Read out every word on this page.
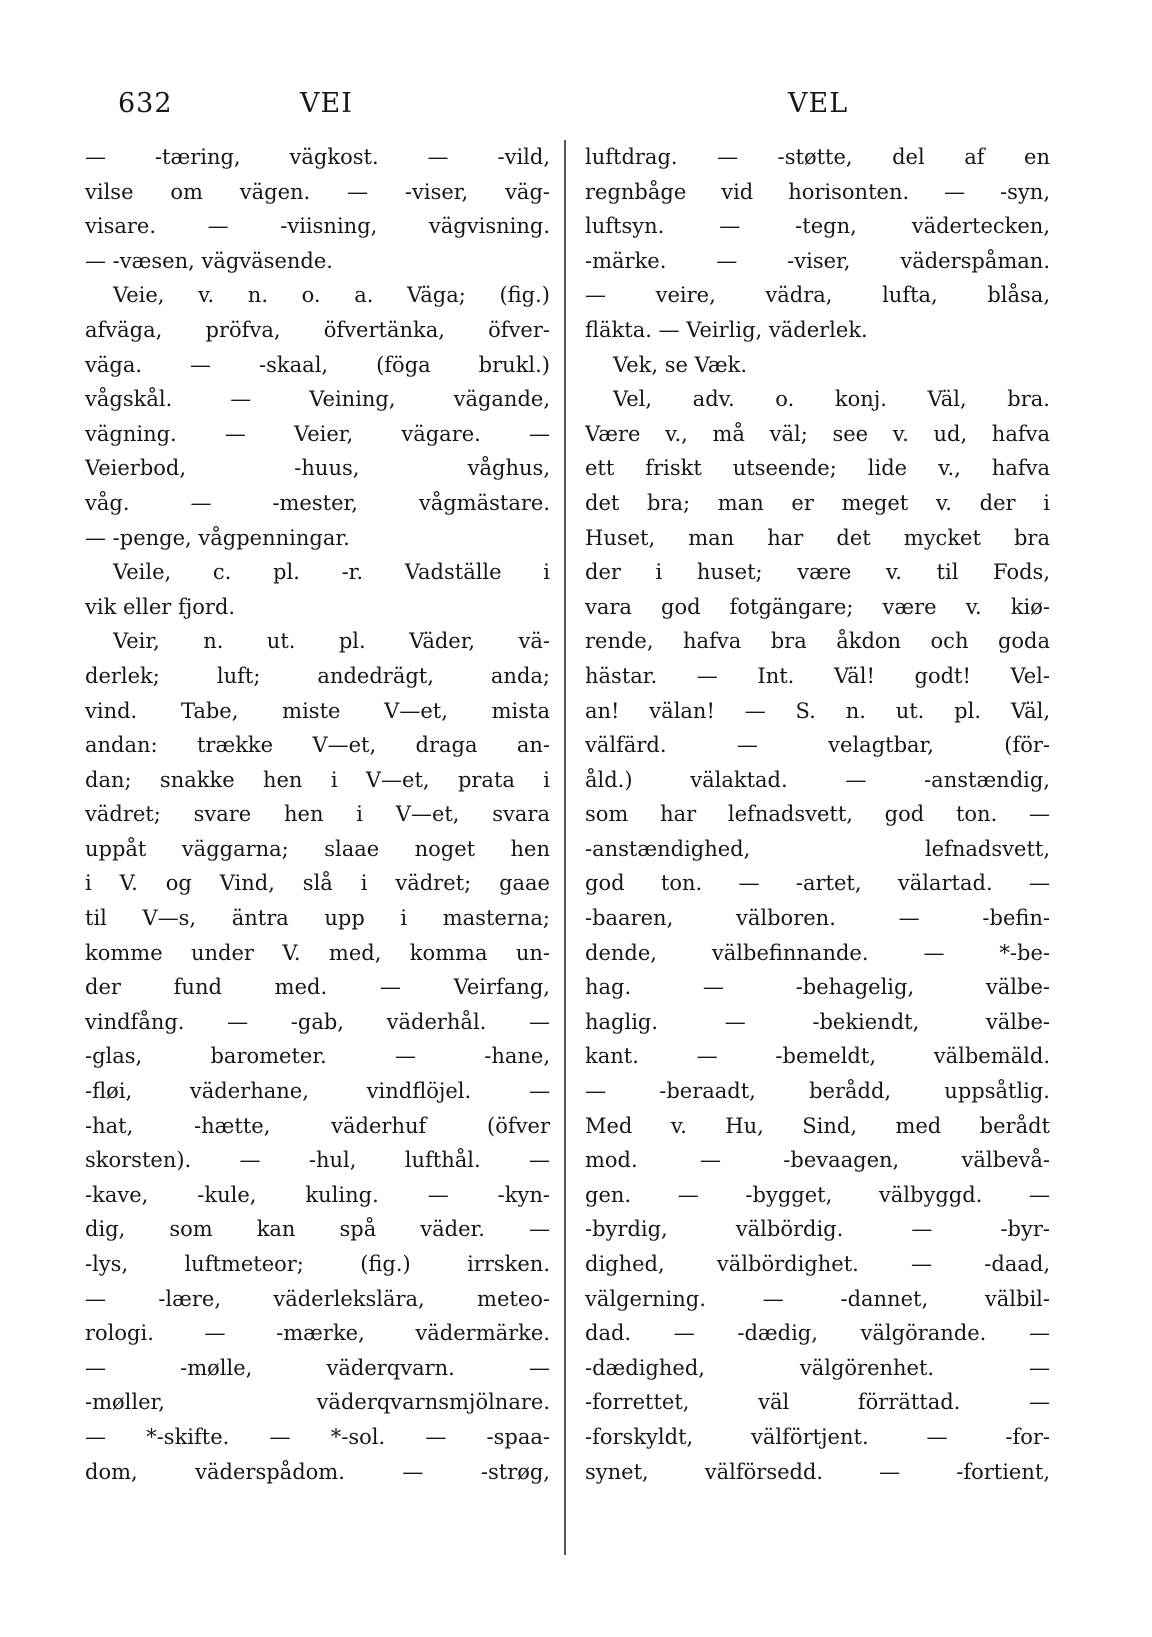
632	VEI	VEL
— -tæring, vägkost. — -vild,
vilse om vägen. — -viser, väg-
visare. — -viisning, vägvisning.
— -væsen, vägväsende.
Veie, v. n. o. a. Väga; (fig.)
afväga, pröfva, öfvertänka, öfver-
väga. — -skaal, (föga brukl.)
vågskål. — Veining, vägande,
vägning. — Veier, vägare. —
Veierbod, -huus, våghus,
våg. — -mester, vågmästare.
— -penge, vågpenningar.
Veile, c. pl. -r. Vadställe i
vik eller fjord.
Veir, n. ut. pl. Väder, vä-
derlek; luft; andedrägt, anda;
vind. Tabe, miste V—et, mista
andan: trække V—et, draga an-
dan; snakke hen i V—et, prata i
vädret; svare hen i V—et, svara
uppåt väggarna; slaae noget hen
i V. og Vind, slå i vädret; gaae
til V—s, äntra upp i masterna;
komme under V. med, komma un-
der fund med. — Veirfang,
vindfång. — -gab, väderhål. —
-glas, barometer. — -hane,
-fløi, väderhane, vindflöjel. —
-hat, -hætte, väderhuf (öfver
skorsten). — -hul, lufthål. —
-kave, -kule, kuling. — -kyn-
dig, som kan spå väder. —
-lys, luftmeteor; (fig.) irrsken.
— -lære, väderlekslära, meteo-
rologi. — -mærke, vädermärke.
— -mølle, väderqvarn. —
-møller, väderqvarnsmjölnare.
— *-skifte. — *-sol. — -spaa-
dom, väderspådom. — -strøg,
luftdrag. — -støtte, del af en
regnbåge vid horisonten. — -syn,
luftsyn. — -tegn, vädertecken,
-märke. — -viser, väderspåman.
— veire, vädra, lufta, blåsa,
fläkta. — Veirlig, väderlek.
Vek, se Væk.
Vel, adv. o. konj. Väl, bra.
Være v., må väl; see v. ud, hafva
ett friskt utseende; lide v., hafva
det bra; man er meget v. der i
Huset, man har det mycket bra
der i huset; være v. til Fods,
vara god fotgängare; være v. kiø-
rende, hafva bra åkdon och goda
hästar. — Int. Väl! godt! Vel-
an! välan! — S. n. ut. pl. Väl,
välfärd. — velagtbar, (för-
åld.) välaktad. — -anstændig,
som har lefnadsvett, god ton. —
-anstændighed, lefnadsvett,
god ton. — -artet, välartad. —
-baaren, välboren. — -befin-
dende, välbefinnande. — *-be-
hag. — -behagelig, välbe-
haglig. — -bekiendt, välbe-
kant. — -bemeldt, välbemäld.
— -beraadt, berådd, uppsåtlig.
Med v. Hu, Sind, med berådt
mod. — -bevaagen, välbevå-
gen. — -bygget, välbyggd. —
-byrdig, välbördig. — -byr-
dighed, välbördighet. — -daad,
välgerning. — -dannet, välbil-
dad. — -dædig, välgörande. —
-dædighed, välgörenhet. —
-forrettet, väl förrättad. —
-forskyldt, välförtjent. — -for-
synet, välförsedd. — -fortient,
